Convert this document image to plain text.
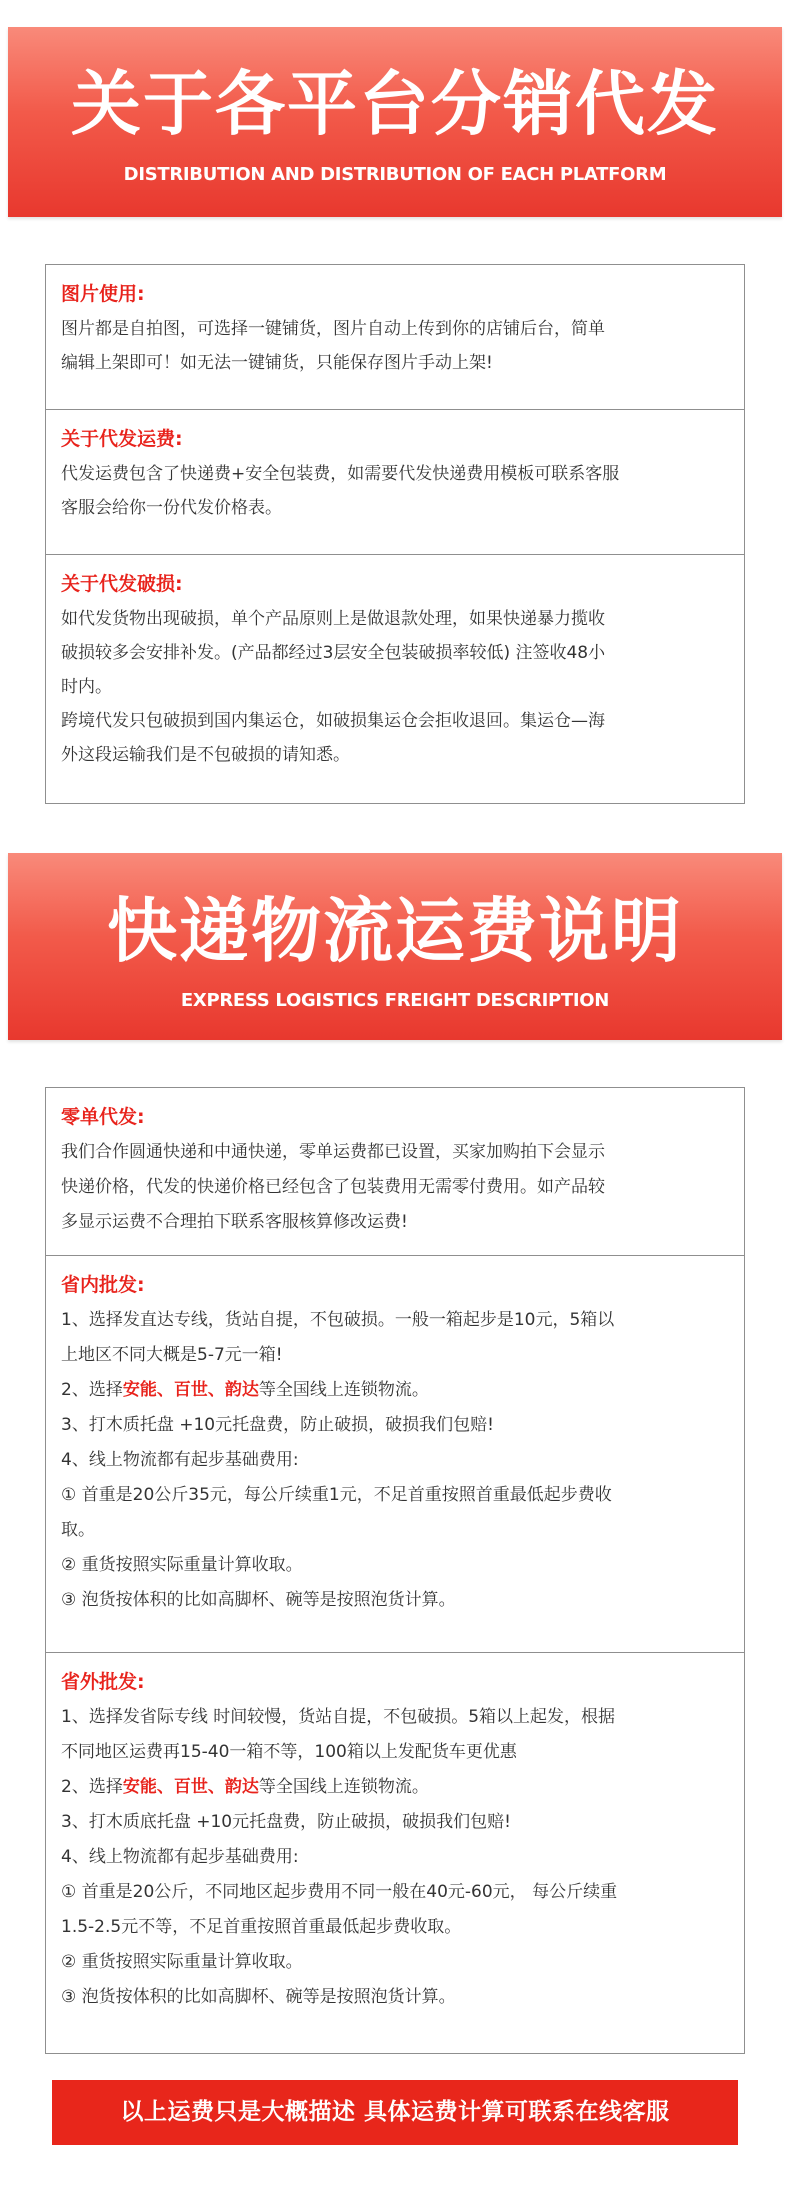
关于各平台分销代发
DISTRIBUTION AND DISTRIBUTION OF EACH PLATFORM
图片使用:
图片都是自拍图，可选择一键铺货，图片自动上传到你的店铺后台，简单
编辑上架即可！如无法一键铺货，只能保存图片手动上架!
关于代发运费:
代发运费包含了快递费+安全包装费，如需要代发快递费用模板可联系客服
客服会给你一份代发价格表。
关于代发破损:
如代发货物出现破损，单个产品原则上是做退款处理，如果快递暴力揽收
破损较多会安排补发。(产品都经过3层安全包装破损率较低) 注签收48小
时内。
跨境代发只包破损到国内集运仓，如破损集运仓会拒收退回。集运仓—海
外这段运输我们是不包破损的请知悉。
快递物流运费说明
EXPRESS LOGISTICS FREIGHT DESCRIPTION
零单代发:
我们合作圆通快递和中通快递，零单运费都已设置，买家加购拍下会显示
快递价格，代发的快递价格已经包含了包装费用无需零付费用。如产品较
多显示运费不合理拍下联系客服核算修改运费!
省内批发:
1、选择发直达专线，货站自提，不包破损。一般一箱起步是10元，5箱以
上地区不同大概是5-7元一箱!
2、选择安能、百世、韵达等全国线上连锁物流。
3、打木质托盘 +10元托盘费，防止破损，破损我们包赔!
4、线上物流都有起步基础费用:
① 首重是20公斤35元，每公斤续重1元，不足首重按照首重最低起步费收
取。
② 重货按照实际重量计算收取。
③ 泡货按体积的比如高脚杯、碗等是按照泡货计算。
省外批发:
1、选择发省际专线 时间较慢，货站自提，不包破损。5箱以上起发，根据
不同地区运费再15-40一箱不等，100箱以上发配货车更优惠
2、选择安能、百世、韵达等全国线上连锁物流。
3、打木质底托盘 +10元托盘费，防止破损，破损我们包赔!
4、线上物流都有起步基础费用:
① 首重是20公斤，不同地区起步费用不同一般在40元-60元， 每公斤续重
1.5-2.5元不等，不足首重按照首重最低起步费收取。
② 重货按照实际重量计算收取。
③ 泡货按体积的比如高脚杯、碗等是按照泡货计算。
以上运费只是大概描述 具体运费计算可联系在线客服
